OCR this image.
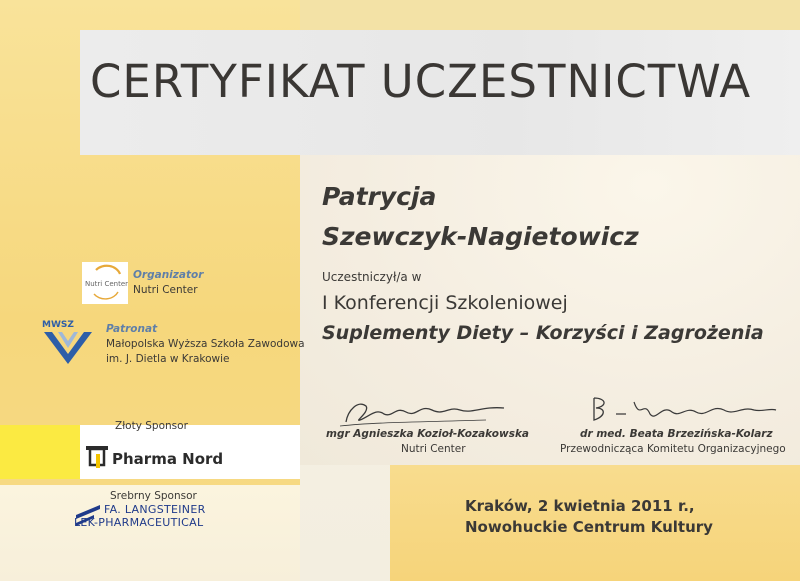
CERTYFIKAT UCZESTNICTWA
Patrycja
Szewczyk-Nagietowicz
Uczestniczył/a w
I Konferencji Szkoleniowej
Suplementy Diety – Korzyści i Zagrożenia
Nutri Center
Organizator
Nutri Center
MWSZ	Patronat
Małopolska Wyższa Szkoła Zawodowa
im. J. Dietla w Krakowie
Złoty Sponsor
Pharma Nord
Srebrny Sponsor
FA. LANGSTEINER
LEK-PHARMACEUTICAL
mgr Agnieszka Kozioł-Kozakowska
Nutri Center
dr med. Beata Brzezińska-Kolarz
Przewodnicząca Komitetu Organizacyjnego
Kraków, 2 kwietnia 2011 r.,
Nowohuckie Centrum Kultury
